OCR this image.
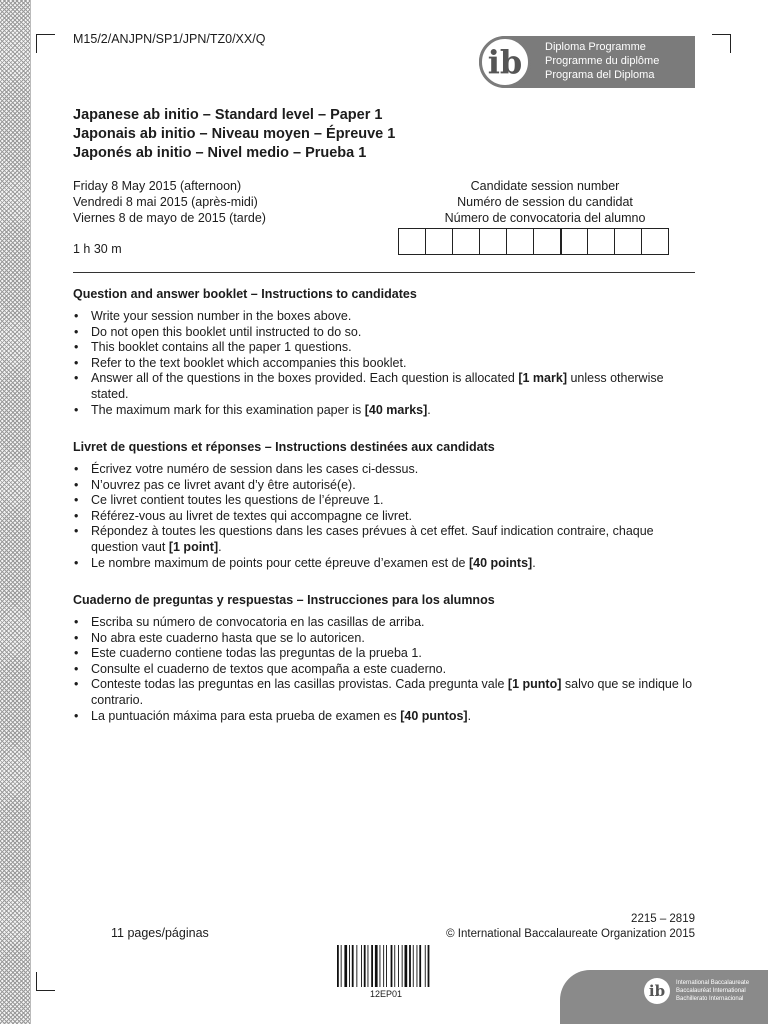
M15/2/ANJPN/SP1/JPN/TZ0/XX/Q
ib Diploma Programme
Programme du diplôme
Programa del Diploma
Japanese ab initio – Standard level – Paper 1
Japonais ab initio – Niveau moyen – Épreuve 1
Japonés ab initio – Nivel medio – Prueba 1
Friday 8 May 2015 (afternoon)
Vendredi 8 mai 2015 (après-midi)
Viernes 8 de mayo de 2015 (tarde)
1 h 30 m
Candidate session number
Numéro de session du candidat
Número de convocatoria del alumno
Question and answer booklet – Instructions to candidates
• Write your session number in the boxes above.
• Do not open this booklet until instructed to do so.
• This booklet contains all the paper 1 questions.
• Refer to the text booklet which accompanies this booklet.
• Answer all of the questions in the boxes provided. Each question is allocated [1 mark] unless otherwise stated.
• The maximum mark for this examination paper is [40 marks].
Livret de questions et réponses – Instructions destinées aux candidats
• Écrivez votre numéro de session dans les cases ci-dessus.
• N’ouvrez pas ce livret avant d’y être autorisé(e).
• Ce livret contient toutes les questions de l’épreuve 1.
• Référez-vous au livret de textes qui accompagne ce livret.
• Répondez à toutes les questions dans les cases prévues à cet effet. Sauf indication contraire, chaque question vaut [1 point].
• Le nombre maximum de points pour cette épreuve d’examen est de [40 points].
Cuaderno de preguntas y respuestas – Instrucciones para los alumnos
• Escriba su número de convocatoria en las casillas de arriba.
• No abra este cuaderno hasta que se lo autoricen.
• Este cuaderno contiene todas las preguntas de la prueba 1.
• Consulte el cuaderno de textos que acompaña a este cuaderno.
• Conteste todas las preguntas en las casillas provistas. Cada pregunta vale [1 punto] salvo que se indique lo contrario.
• La puntuación máxima para esta prueba de examen es [40 puntos].
11 pages/páginas
2215 – 2819
© International Baccalaureate Organization 2015
12EP01	ib International Baccalaureate
Baccalauréat International
Bachillerato Internacional
